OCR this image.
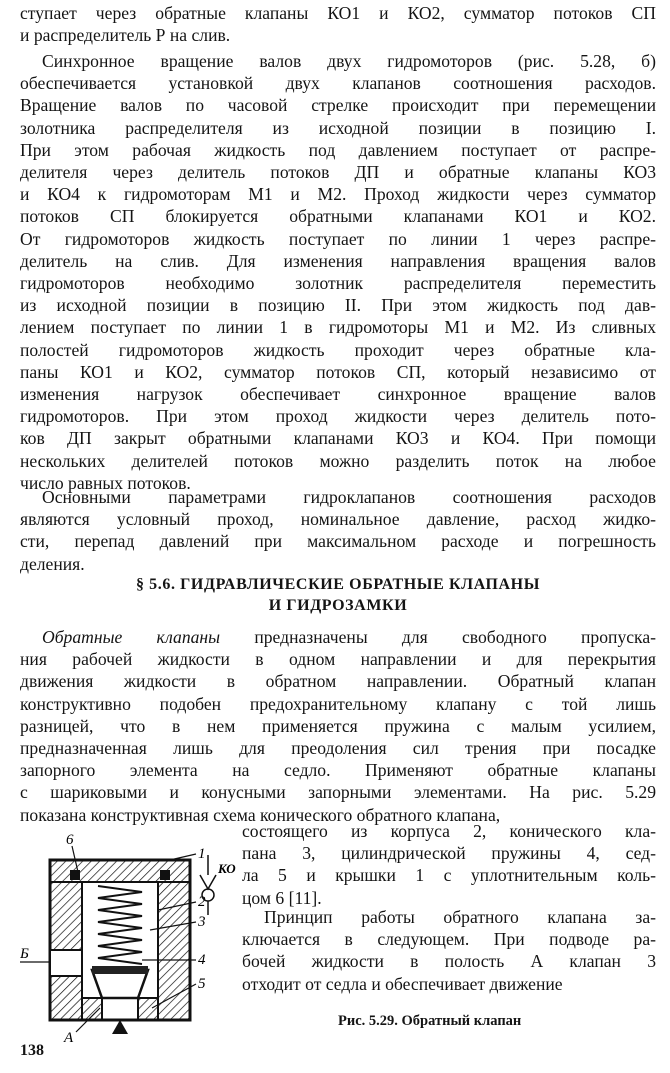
ступает через обратные клапаны КО1 и КО2, сумматор потоков СП
и распределитель Р на слив.
Синхронное вращение валов двух гидромоторов (рис. 5.28, б)
обеспечивается установкой двух клапанов соотношения расходов.
Вращение валов по часовой стрелке происходит при перемещении
золотника распределителя из исходной позиции в позицию I.
При этом рабочая жидкость под давлением поступает от распре-
делителя через делитель потоков ДП и обратные клапаны КО3
и КО4 к гидромоторам М1 и М2. Проход жидкости через сумматор
потоков СП блокируется обратными клапанами КО1 и КО2.
От гидромоторов жидкость поступает по линии 1 через распре-
делитель на слив. Для изменения направления вращения валов
гидромоторов необходимо золотник распределителя переместить
из исходной позиции в позицию II. При этом жидкость под дав-
лением поступает по линии 1 в гидромоторы М1 и М2. Из сливных
полостей гидромоторов жидкость проходит через обратные кла-
паны КО1 и КО2, сумматор потоков СП, который независимо от
изменения нагрузок обеспечивает синхронное вращение валов
гидромоторов. При этом проход жидкости через делитель пото-
ков ДП закрыт обратными клапанами КО3 и КО4. При помощи
нескольких делителей потоков можно разделить поток на любое
число равных потоков.
Основными параметрами гидроклапанов соотношения расходов
являются условный проход, номинальное давление, расход жидко-
сти, перепад давлений при максимальном расходе и погрешность
деления.
§ 5.6. ГИДРАВЛИЧЕСКИЕ ОБРАТНЫЕ КЛАПАНЫ
И ГИДРОЗАМКИ
Обратные клапаны предназначены для свободного пропуска-
ния рабочей жидкости в одном направлении и для перекрытия
движения жидкости в обратном направлении. Обратный клапан
конструктивно подобен предохранительному клапану с той лишь
разницей, что в нем применяется пружина с малым усилием,
предназначенная лишь для преодоления сил трения при посадке
запорного элемента на седло. Применяют обратные клапаны
с шариковыми и конусными запорными элементами. На рис. 5.29
показана конструктивная схема конического обратного клапана,
состоящего из корпуса 2, конического кла-
пана 3, цилиндрической пружины 4, сед-
ла 5 и крышки 1 с уплотнительным коль-
цом 6 [11].
Принцип работы обратного клапана за-
ключается в следующем. При подводе ра-
бочей жидкости в полость А клапан 3
отходит от седла и обеспечивает движение
6
1
2
3
4
5
Б
А
КО
Рис. 5.29. Обратный клапан
138
